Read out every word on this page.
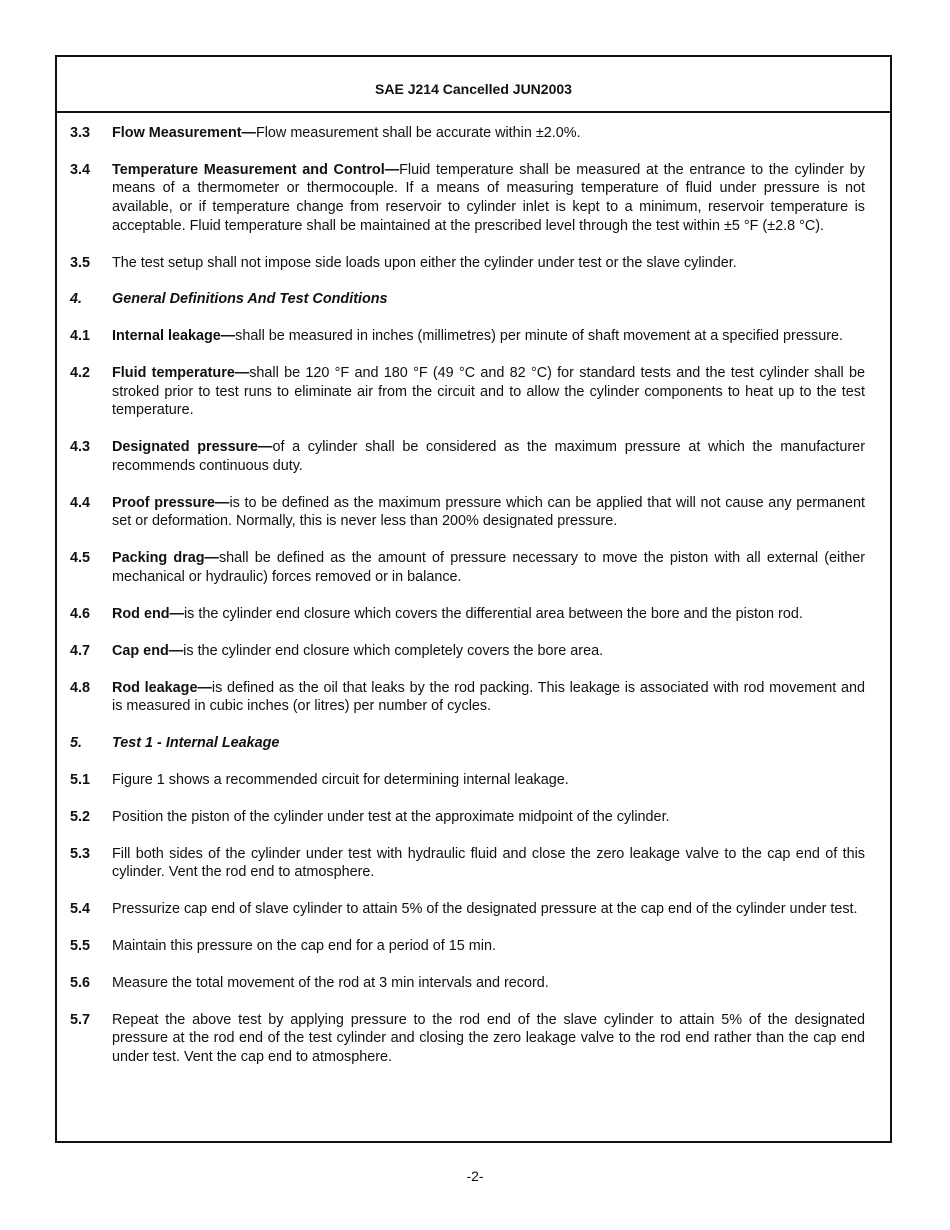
SAE J214 Cancelled JUN2003
3.3	Flow Measurement—Flow measurement shall be accurate within ±2.0%.
3.4	Temperature Measurement and Control—Fluid temperature shall be measured at the entrance to the cylinder by means of a thermometer or thermocouple. If a means of measuring temperature of fluid under pressure is not available, or if temperature change from reservoir to cylinder inlet is kept to a minimum, reservoir temperature is acceptable. Fluid temperature shall be maintained at the prescribed level through the test within ±5 °F (±2.8 °C).
3.5	The test setup shall not impose side loads upon either the cylinder under test or the slave cylinder.
4.	General Definitions And Test Conditions
4.1	Internal leakage—shall be measured in inches (millimetres) per minute of shaft movement at a specified pressure.
4.2	Fluid temperature—shall be 120 °F and 180 °F (49 °C and 82 °C) for standard tests and the test cylinder shall be stroked prior to test runs to eliminate air from the circuit and to allow the cylinder components to heat up to the test temperature.
4.3	Designated pressure—of a cylinder shall be considered as the maximum pressure at which the manufacturer recommends continuous duty.
4.4	Proof pressure—is to be defined as the maximum pressure which can be applied that will not cause any permanent set or deformation. Normally, this is never less than 200% designated pressure.
4.5	Packing drag—shall be defined as the amount of pressure necessary to move the piston with all external (either mechanical or hydraulic) forces removed or in balance.
4.6	Rod end—is the cylinder end closure which covers the differential area between the bore and the piston rod.
4.7	Cap end—is the cylinder end closure which completely covers the bore area.
4.8	Rod leakage—is defined as the oil that leaks by the rod packing. This leakage is associated with rod movement and is measured in cubic inches (or litres) per number of cycles.
5.	Test 1 - Internal Leakage
5.1	Figure 1 shows a recommended circuit for determining internal leakage.
5.2	Position the piston of the cylinder under test at the approximate midpoint of the cylinder.
5.3	Fill both sides of the cylinder under test with hydraulic fluid and close the zero leakage valve to the cap end of this cylinder. Vent the rod end to atmosphere.
5.4	Pressurize cap end of slave cylinder to attain 5% of the designated pressure at the cap end of the cylinder under test.
5.5	Maintain this pressure on the cap end for a period of 15 min.
5.6	Measure the total movement of the rod at 3 min intervals and record.
5.7	Repeat the above test by applying pressure to the rod end of the slave cylinder to attain 5% of the designated pressure at the rod end of the test cylinder and closing the zero leakage valve to the rod end rather than the cap end under test. Vent the cap end to atmosphere.
-2-
